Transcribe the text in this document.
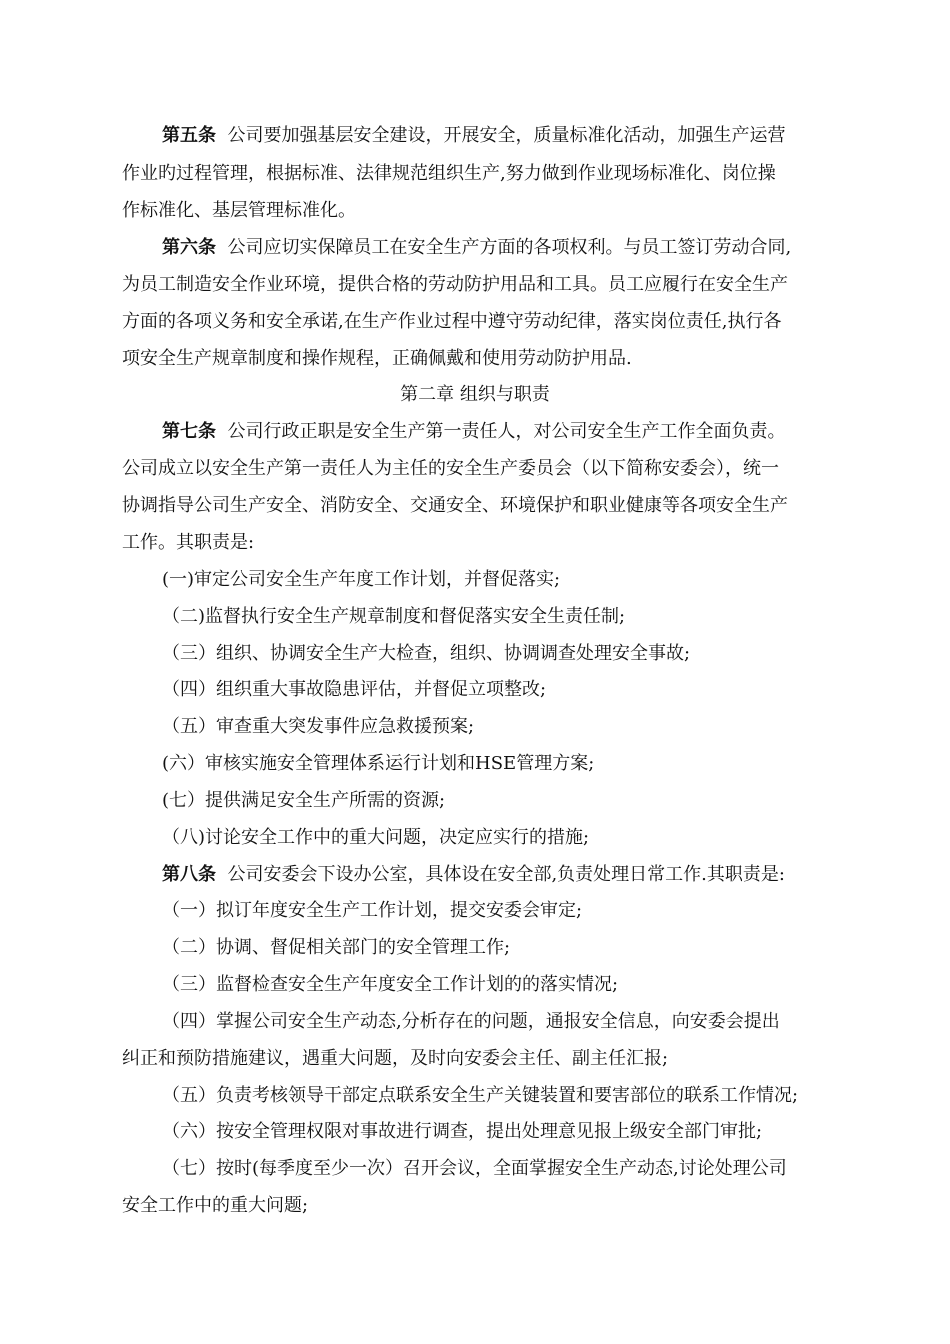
第五条 公司要加强基层安全建设，开展安全，质量标准化活动，加强生产运营
作业旳过程管理，根据标准、法律规范组织生产,努力做到作业现场标准化、岗位操
作标准化、基层管理标准化。
第六条 公司应切实保障员工在安全生产方面的各项权利。与员工签订劳动合同,
为员工制造安全作业环境，提供合格的劳动防护用品和工具。员工应履行在安全生产
方面的各项义务和安全承诺,在生产作业过程中遵守劳动纪律，落实岗位责任,执行各
项安全生产规章制度和操作规程，正确佩戴和使用劳动防护用品.
第二章 组织与职责
第七条 公司行政正职是安全生产第一责任人，对公司安全生产工作全面负责。
公司成立以安全生产第一责任人为主任的安全生产委员会（以下简称安委会），统一
协调指导公司生产安全、消防安全、交通安全、环境保护和职业健康等各项安全生产
工作。其职责是:
(一)审定公司安全生产年度工作计划，并督促落实;
（二)监督执行安全生产规章制度和督促落实安全生责任制;
（三）组织、协调安全生产大检查，组织、协调调查处理安全事故;
（四）组织重大事故隐患评估，并督促立项整改;
（五）审查重大突发事件应急救援预案;
(六）审核实施安全管理体系运行计划和HSE管理方案;
(七）提供满足安全生产所需的资源;
（八)讨论安全工作中的重大问题，决定应实行的措施;
第八条 公司安委会下设办公室，具体设在安全部,负责处理日常工作.其职责是:
（一）拟订年度安全生产工作计划，提交安委会审定;
（二）协调、督促相关部门的安全管理工作;
（三）监督检查安全生产年度安全工作计划的的落实情况;
（四）掌握公司安全生产动态,分析存在的问题，通报安全信息，向安委会提出
纠正和预防措施建议，遇重大问题，及时向安委会主任、副主任汇报;
（五）负责考核领导干部定点联系安全生产关键装置和要害部位的联系工作情况;
（六）按安全管理权限对事故进行调查，提出处理意见报上级安全部门审批;
（七）按时(每季度至少一次）召开会议，全面掌握安全生产动态,讨论处理公司
安全工作中的重大问题;
